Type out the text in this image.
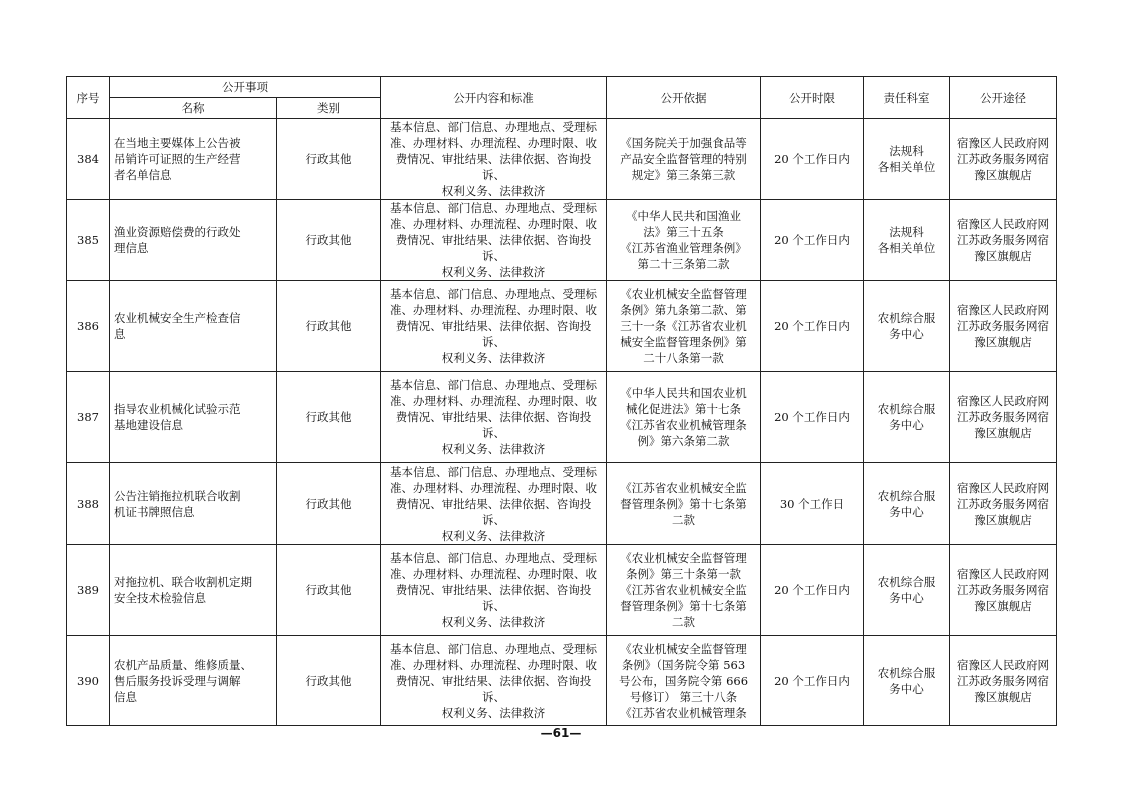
序号	公开事项		公开内容和标准	公开依据	公开时限	责任科室	公开途径
	名称	类别					
384	在当地主要媒体上公告被
吊销许可证照的生产经营
者名单信息	行政其他	基本信息、部门信息、办理地点、受理标
准、办理材料、办理流程、办理时限、收
费情况、审批结果、法律依据、咨询投诉、
权利义务、法律救济	《国务院关于加强食品等
产品安全监督管理的特别
规定》第三条第三款	20 个工作日内	法规科
各相关单位	宿豫区人民政府网
江苏政务服务网宿
豫区旗舰店
385	渔业资源赔偿费的行政处
理信息	行政其他	基本信息、部门信息、办理地点、受理标
准、办理材料、办理流程、办理时限、收
费情况、审批结果、法律依据、咨询投诉、
权利义务、法律救济	《中华人民共和国渔业
法》第三十五条
《江苏省渔业管理条例》
第二十三条第二款	20 个工作日内	法规科
各相关单位	宿豫区人民政府网
江苏政务服务网宿
豫区旗舰店
386	农业机械安全生产检查信
息	行政其他	基本信息、部门信息、办理地点、受理标
准、办理材料、办理流程、办理时限、收
费情况、审批结果、法律依据、咨询投诉、
权利义务、法律救济	《农业机械安全监督管理
条例》第九条第二款、第
三十一条《江苏省农业机
械安全监督管理条例》第
二十八条第一款	20 个工作日内	农机综合服
务中心	宿豫区人民政府网
江苏政务服务网宿
豫区旗舰店
387	指导农业机械化试验示范
基地建设信息	行政其他	基本信息、部门信息、办理地点、受理标
准、办理材料、办理流程、办理时限、收
费情况、审批结果、法律依据、咨询投诉、
权利义务、法律救济	《中华人民共和国农业机
械化促进法》第十七条
《江苏省农业机械管理条
例》第六条第二款	20 个工作日内	农机综合服
务中心	宿豫区人民政府网
江苏政务服务网宿
豫区旗舰店
388	公告注销拖拉机联合收割
机证书牌照信息	行政其他	基本信息、部门信息、办理地点、受理标
准、办理材料、办理流程、办理时限、收
费情况、审批结果、法律依据、咨询投诉、
权利义务、法律救济	《江苏省农业机械安全监
督管理条例》第十七条第
二款	30 个工作日	农机综合服
务中心	宿豫区人民政府网
江苏政务服务网宿
豫区旗舰店
389	对拖拉机、联合收割机定期
安全技术检验信息	行政其他	基本信息、部门信息、办理地点、受理标
准、办理材料、办理流程、办理时限、收
费情况、审批结果、法律依据、咨询投诉、
权利义务、法律救济	《农业机械安全监督管理
条例》第三十条第一款
《江苏省农业机械安全监
督管理条例》第十七条第
二款	20 个工作日内	农机综合服
务中心	宿豫区人民政府网
江苏政务服务网宿
豫区旗舰店
390	农机产品质量、维修质量、
售后服务投诉受理与调解
信息	行政其他	基本信息、部门信息、办理地点、受理标
准、办理材料、办理流程、办理时限、收
费情况、审批结果、法律依据、咨询投诉、
权利义务、法律救济	《农业机械安全监督管理
条例》（国务院令第 563
号公布，国务院令第 666
号修订） 第三十八条
《江苏省农业机械管理条	20 个工作日内	农机综合服
务中心	宿豫区人民政府网
江苏政务服务网宿
豫区旗舰店
—61—
